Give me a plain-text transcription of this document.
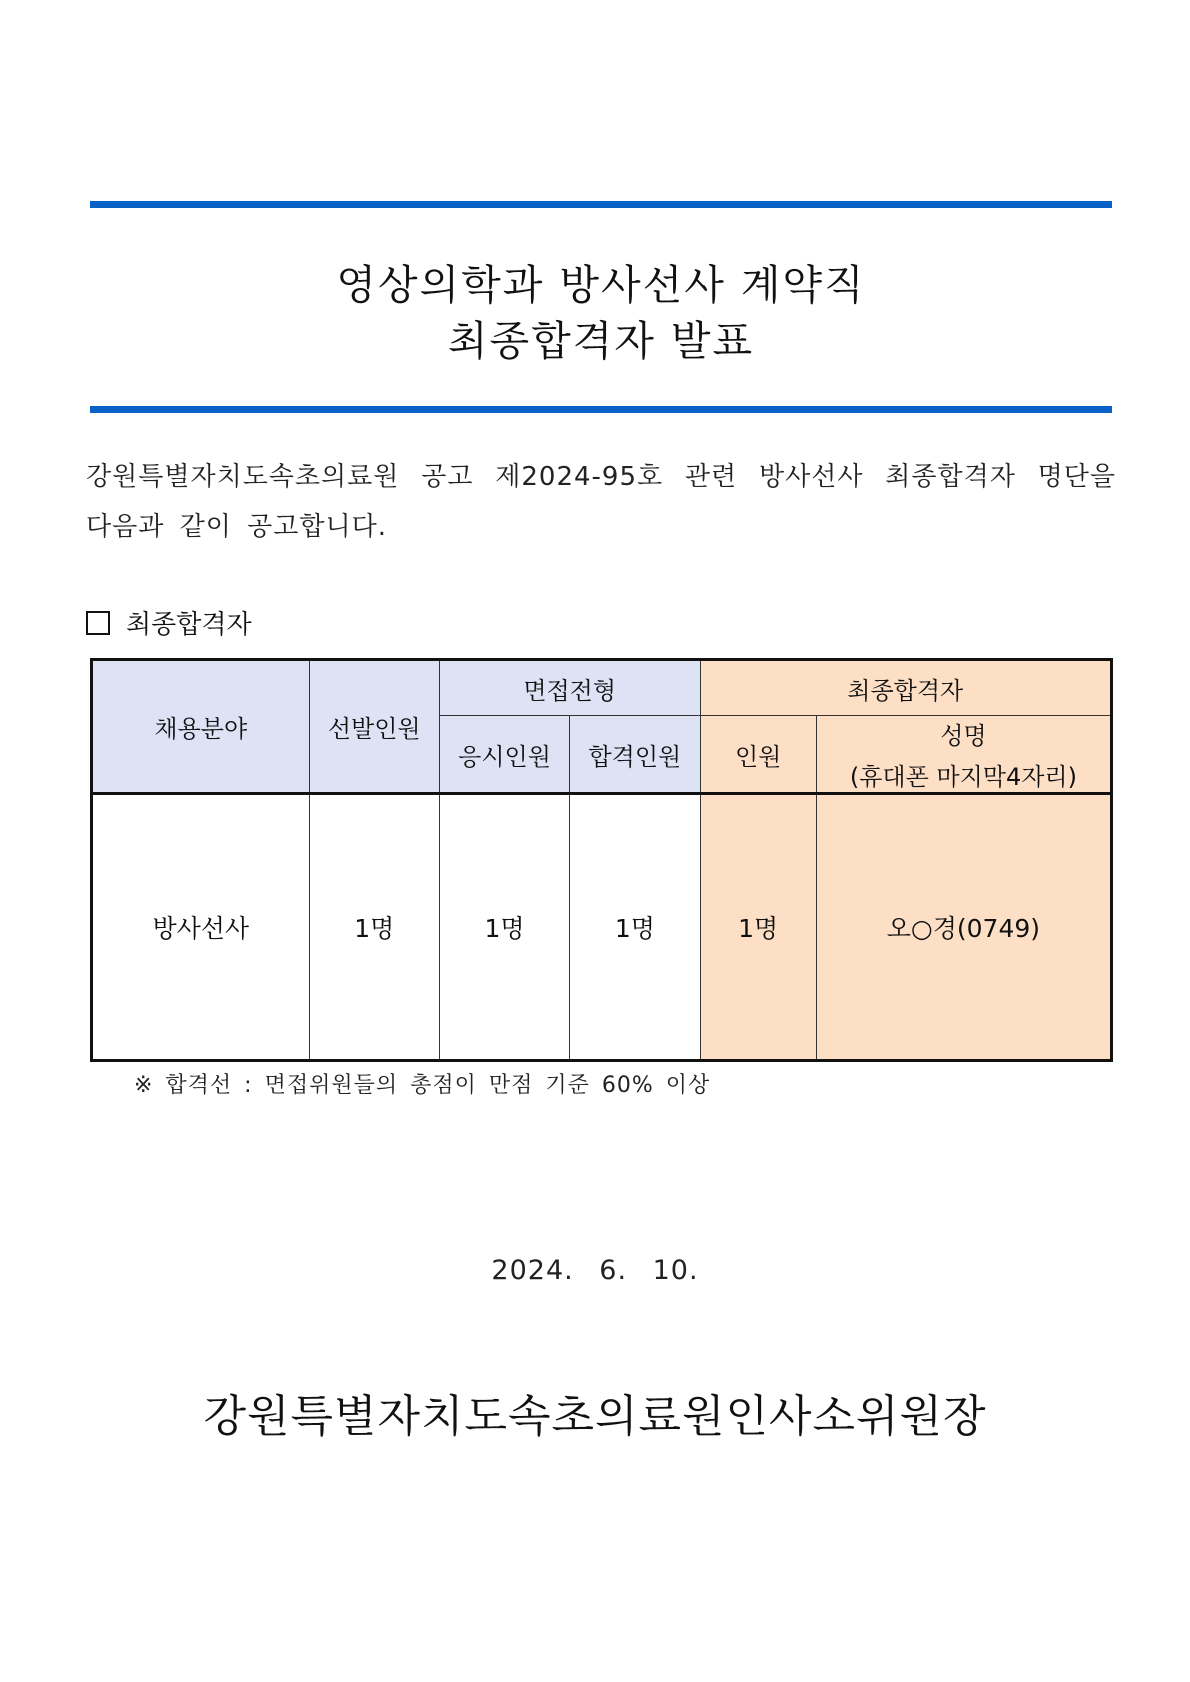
영상의학과 방사선사 계약직
최종합격자 발표
강원특별자치도속초의료원 공고 제2024-95호 관련 방사선사 최종합격자 명단을 다음과 같이 공고합니다.
최종합격자
채용분야	선발인원	면접전형		최종합격자	
		응시인원	합격인원	인원	성명
(휴대폰 마지막4자리)

방사선사	1명	1명	1명	1명	오○경(0749)
※ 합격선 : 면접위원들의 총점이 만점 기준 60% 이상
2024. 6. 10.
강원특별자치도속초의료원인사소위원장
